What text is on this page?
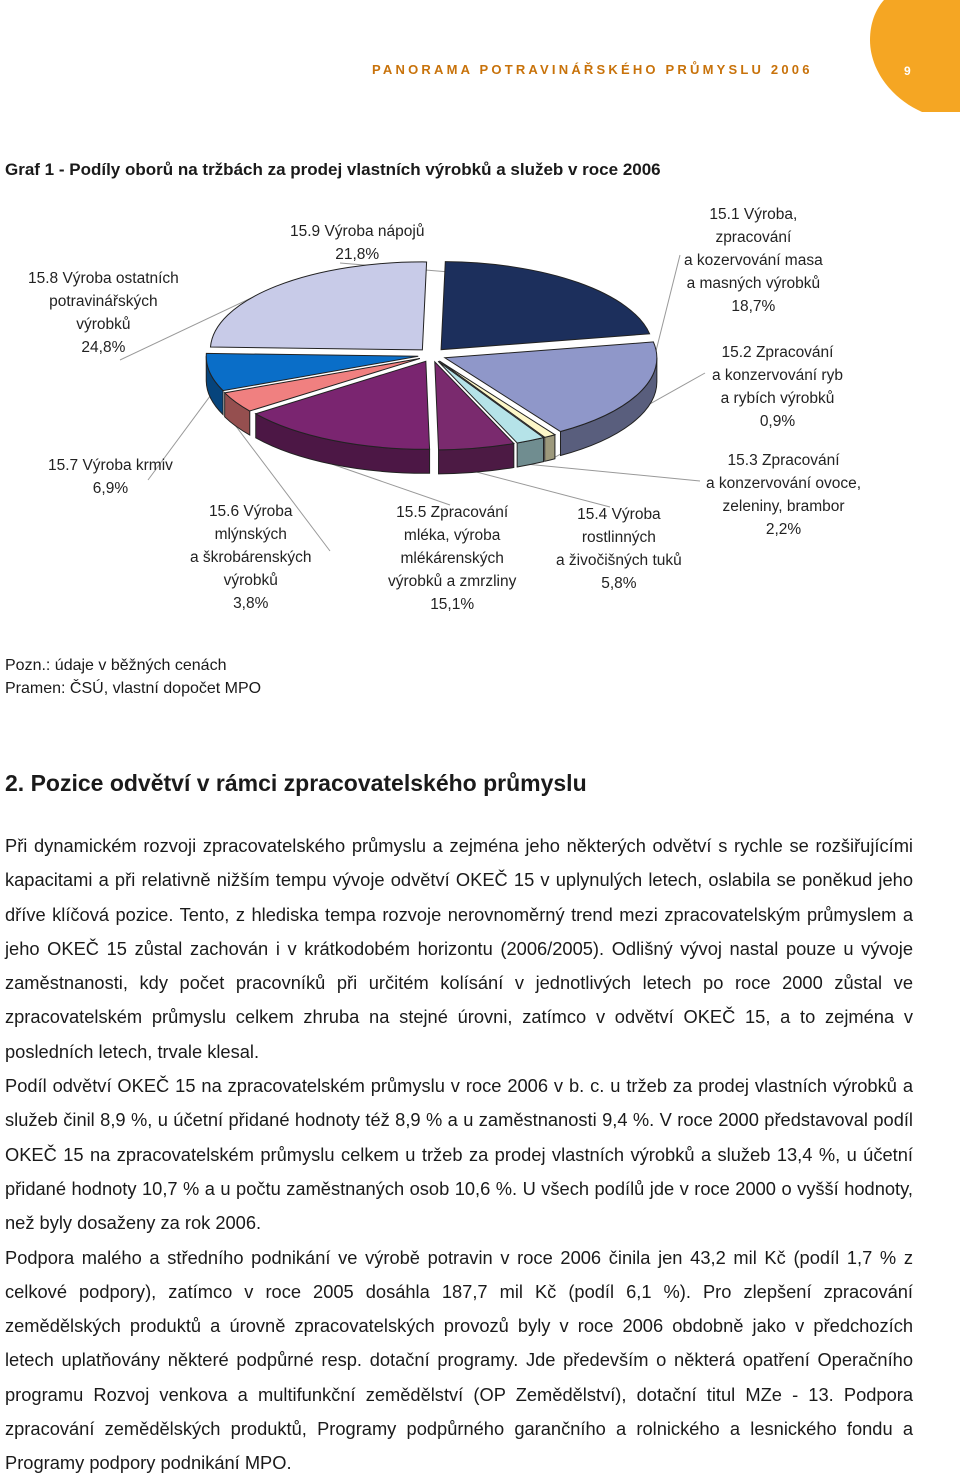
PANORAMA POTRAVINÁŘSKÉHO PRŮMYSLU 2006	9
Graf 1 - Podíly oborů na tržbách za prodej vlastních výrobků a služeb v roce 2006
15.9 Výroba nápojů
21,8%
15.1 Výroba,
zpracování
a kozervování masa
a masných výrobků
18,7%
15.2 Zpracování
a konzervování ryb
a rybích výrobků
0,9%
15.3 Zpracování
a konzervování ovoce,
zeleniny, brambor
2,2%
15.4 Výroba
rostlinných
a živočišných tuků
5,8%
15.5 Zpracování
mléka, výroba
mlékárenských
výrobků a zmrzliny
15,1%
15.6 Výroba
mlýnských
a škrobárenských
výrobků
3,8%
15.7 Výroba krmiv
6,9%
15.8 Výroba ostatních
potravinářských
výrobků
24,8%
Pozn.: údaje v běžných cenách
Pramen: ČSÚ, vlastní dopočet MPO
2. Pozice odvětví v rámci zpracovatelského průmyslu

Při dynamickém rozvoji zpracovatelského průmyslu a zejména jeho některých odvětví s rychle se rozšiřujícími kapacitami a při relativně nižším tempu vývoje odvětví OKEČ 15 v uplynulých letech, oslabila se poněkud jeho dříve klíčová pozice. Tento, z hlediska tempa rozvoje nerovnoměrný trend mezi zpracovatelským průmyslem a jeho OKEČ 15 zůstal zachován i v krátkodobém horizontu (2006/2005). Odlišný vývoj nastal pouze u vývoje zaměstnanosti, kdy počet pracovníků při určitém kolísání v jednotlivých letech po roce 2000 zůstal ve zpracovatelském průmyslu celkem zhruba na stejné úrovni, zatímco v odvětví OKEČ 15, a to zejména v posledních letech, trvale klesal.

Podíl odvětví OKEČ 15 na zpracovatelském průmyslu v roce 2006 v b. c. u tržeb za prodej vlastních výrobků a služeb činil 8,9 %, u účetní přidané hodnoty též 8,9 % a u zaměstnanosti 9,4 %. V roce 2000 představoval podíl OKEČ 15 na zpracovatelském průmyslu celkem u tržeb za prodej vlastních výrobků a služeb 13,4 %, u účetní přidané hodnoty 10,7 % a u počtu zaměstnaných osob 10,6 %. U všech podílů jde v roce 2000 o vyšší hodnoty, než byly dosaženy za rok 2006.

Podpora malého a středního podnikání ve výrobě potravin v roce 2006 činila jen 43,2 mil Kč (podíl 1,7 % z celkové podpory), zatímco v roce 2005 dosáhla 187,7 mil Kč (podíl 6,1 %). Pro zlepšení zpracování zemědělských produktů a úrovně zpracovatelských provozů byly v roce 2006 obdobně jako v předchozích letech uplatňovány některé podpůrné resp. dotační programy. Jde především o některá opatření Operačního programu Rozvoj venkova a multifunkční zemědělství (OP Zemědělství), dotační titul MZe - 13. Podpora zpracování zemědělských produktů, Programy podpůrného garančního a rolnického a lesnického fondu a Programy podpory podnikání MPO.
